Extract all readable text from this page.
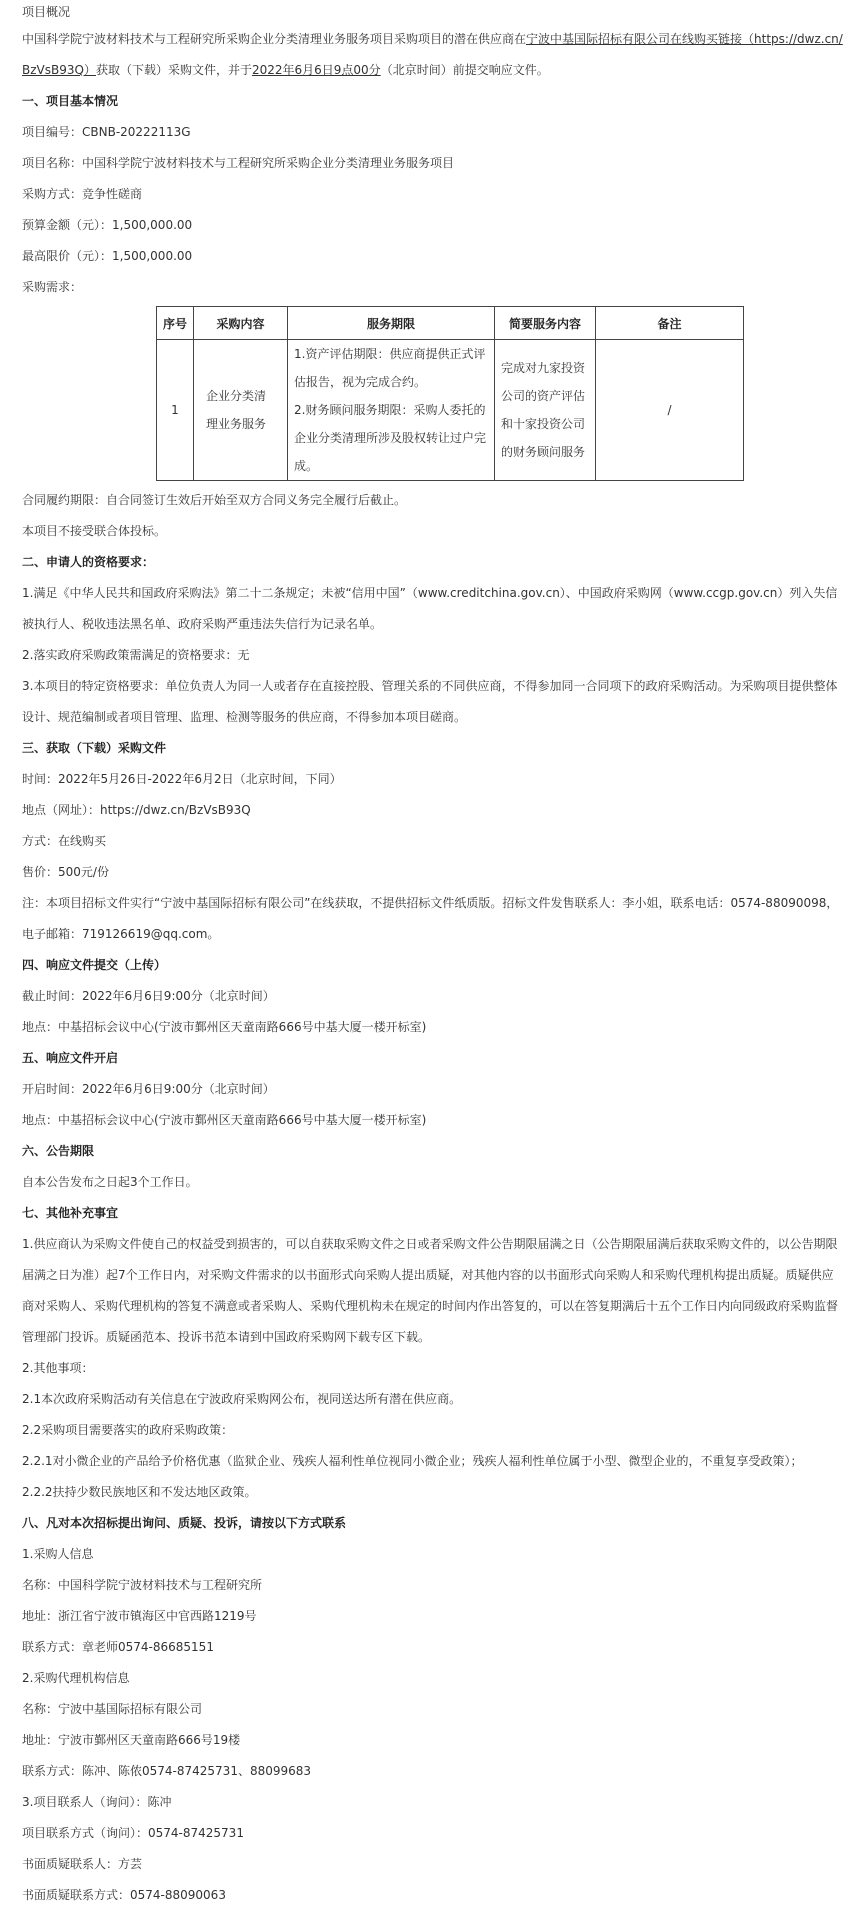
项目概况

中国科学院宁波材料技术与工程研究所采购企业分类清理业务服务项目采购项目的潜在供应商在宁波中基国际招标有限公司在线购买链接（https://dwz.cn/BzVsB93Q）获取（下载）采购文件，并于2022年6月6日9点00分（北京时间）前提交响应文件。

一、项目基本情况

项目编号：CBNB-20222113G

项目名称：中国科学院宁波材料技术与工程研究所采购企业分类清理业务服务项目

采购方式：竞争性磋商

预算金额（元）：1,500,000.00

最高限价（元）：1,500,000.00

采购需求：

序号	采购内容	服务期限	简要服务内容	备注
1	企业分类清理业务服务	1.资产评估期限：供应商提供正式评估报告，视为完成合约。
2.财务顾问服务期限：采购人委托的企业分类清理所涉及股权转让过户完成。	完成对九家投资公司的资产评估和十家投资公司的财务顾问服务	/

合同履约期限：自合同签订生效后开始至双方合同义务完全履行后截止。

本项目不接受联合体投标。

二、申请人的资格要求：

1.满足《中华人民共和国政府采购法》第二十二条规定；未被“信用中国”（www.creditchina.gov.cn）、中国政府采购网（www.ccgp.gov.cn）列入失信被执行人、税收违法黑名单、政府采购严重违法失信行为记录名单。

2.落实政府采购政策需满足的资格要求：无

3.本项目的特定资格要求：单位负责人为同一人或者存在直接控股、管理关系的不同供应商，不得参加同一合同项下的政府采购活动。为采购项目提供整体设计、规范编制或者项目管理、监理、检测等服务的供应商，不得参加本项目磋商。

三、获取（下载）采购文件

时间：2022年5月26日-2022年6月2日（北京时间，下同）

地点（网址）：https://dwz.cn/BzVsB93Q

方式：在线购买

售价：500元/份

注：本项目招标文件实行“宁波中基国际招标有限公司”在线获取，不提供招标文件纸质版。招标文件发售联系人：李小姐，联系电话：0574-88090098，电子邮箱：719126619@qq.com。

四、响应文件提交（上传）

截止时间：2022年6月6日9:00分（北京时间）

地点：中基招标会议中心(宁波市鄞州区天童南路666号中基大厦一楼开标室)

五、响应文件开启

开启时间：2022年6月6日9:00分（北京时间）

地点：中基招标会议中心(宁波市鄞州区天童南路666号中基大厦一楼开标室)

六、公告期限

自本公告发布之日起3个工作日。

七、其他补充事宜

1.供应商认为采购文件使自己的权益受到损害的，可以自获取采购文件之日或者采购文件公告期限届满之日（公告期限届满后获取采购文件的，以公告期限届满之日为准）起7个工作日内，对采购文件需求的以书面形式向采购人提出质疑，对其他内容的以书面形式向采购人和采购代理机构提出质疑。质疑供应商对采购人、采购代理机构的答复不满意或者采购人、采购代理机构未在规定的时间内作出答复的，可以在答复期满后十五个工作日内向同级政府采购监督管理部门投诉。质疑函范本、投诉书范本请到中国政府采购网下载专区下载。

2.其他事项：

2.1本次政府采购活动有关信息在宁波政府采购网公布，视同送达所有潜在供应商。

2.2采购项目需要落实的政府采购政策：

2.2.1对小微企业的产品给予价格优惠（监狱企业、残疾人福利性单位视同小微企业；残疾人福利性单位属于小型、微型企业的，不重复享受政策）；

2.2.2扶持少数民族地区和不发达地区政策。

八、凡对本次招标提出询问、质疑、投诉，请按以下方式联系

1.采购人信息

名称：中国科学院宁波材料技术与工程研究所

地址：浙江省宁波市镇海区中官西路1219号

联系方式：章老师0574-86685151

2.采购代理机构信息

名称：宁波中基国际招标有限公司

地址：宁波市鄞州区天童南路666号19楼

联系方式：陈冲、陈侬0574-87425731、88099683

3.项目联系人（询问）：陈冲

项目联系方式（询问）：0574-87425731

书面质疑联系人：方芸

书面质疑联系方式：0574-88090063
